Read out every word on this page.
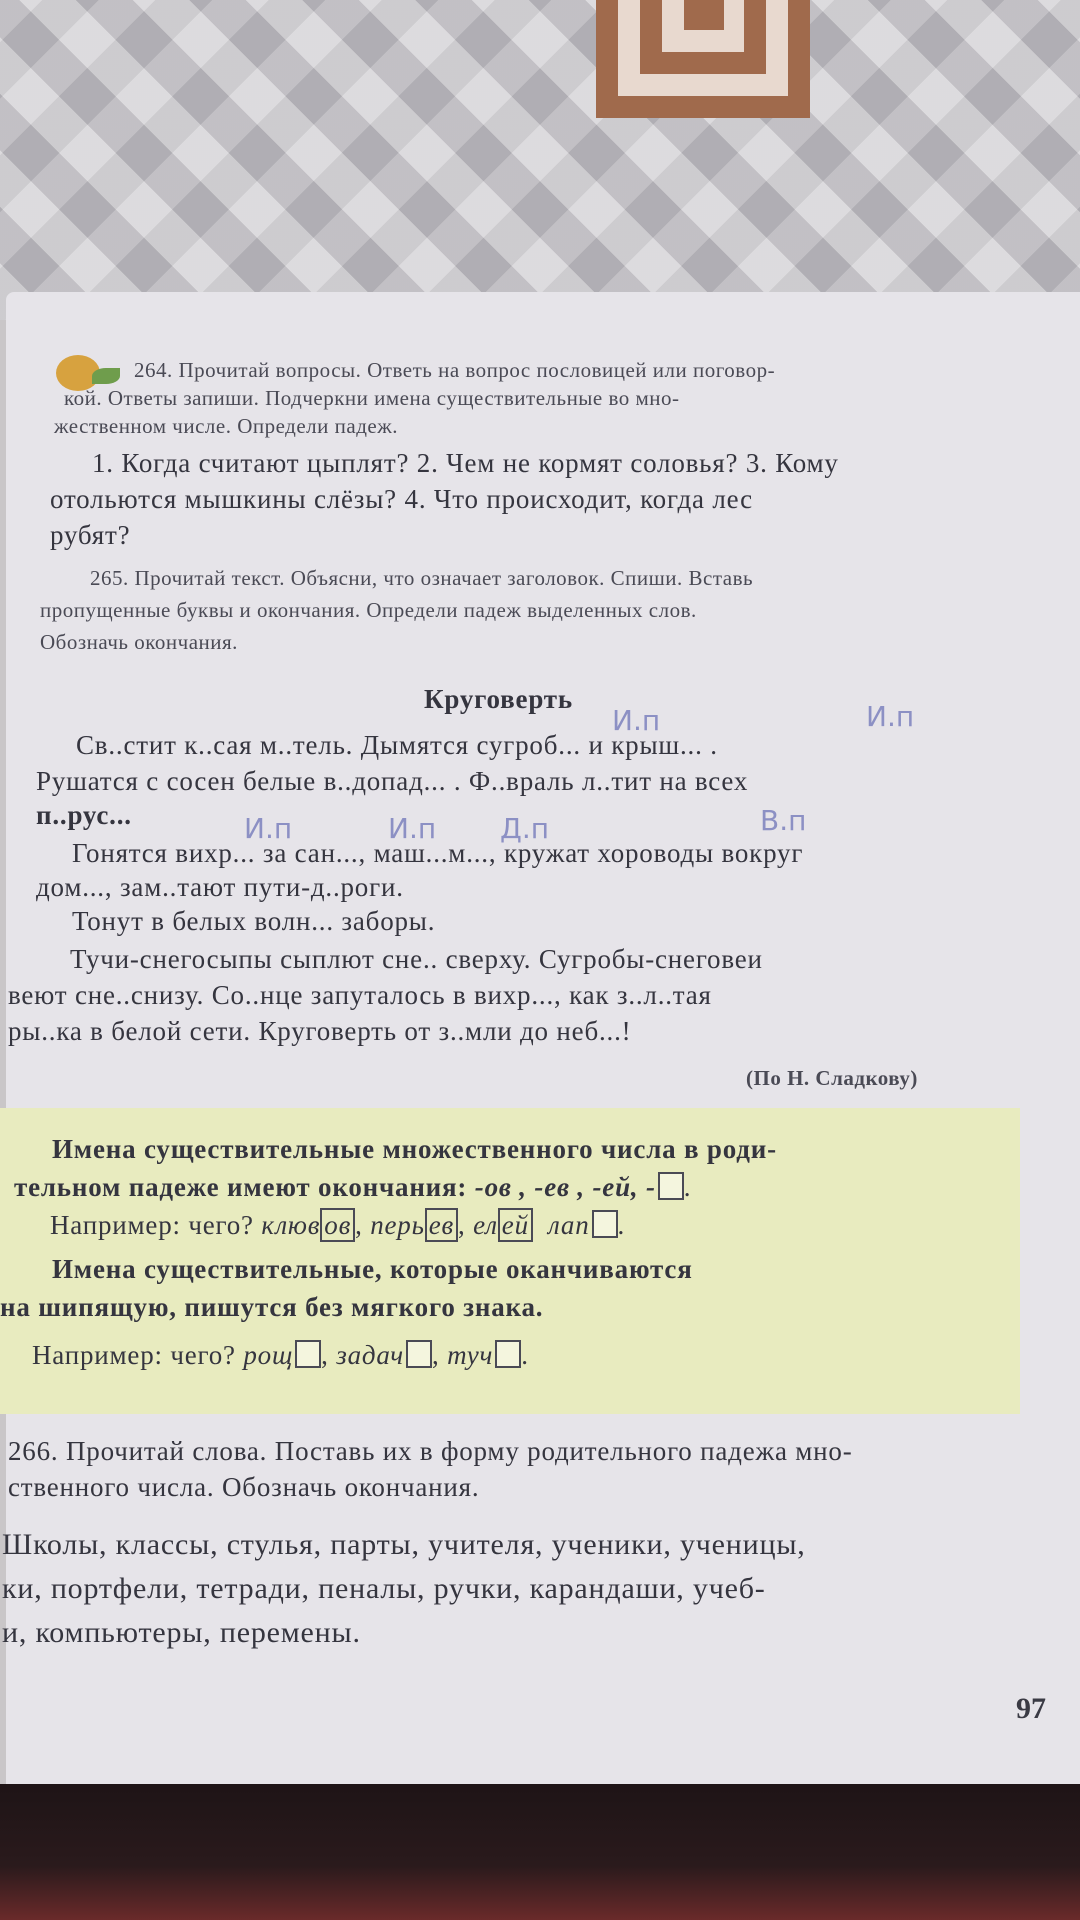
264. Прочитай вопросы. Ответь на вопрос пословицей или поговор-
кой. Ответы запиши. Подчеркни имена существительные во мно-
жественном числе. Определи падеж.
1. Когда считают цыплят? 2. Чем не кормят соловья? 3. Кому
отольются мышкины слёзы? 4. Что происходит, когда лес
рубят?
265. Прочитай текст. Объясни, что означает заголовок. Спиши. Вставь
пропущенные буквы и окончания. Определи падеж выделенных слов.
Обозначь окончания.
Круговерть
Св..стит к..сая м..тель. Дымятся сугроб... и крыш... .
Рушатся с сосен белые в..допад... . Ф..враль л..тит на всех
п..рус...
Гонятся вихр... за сан..., маш...м..., кружат хороводы вокруг
дом..., зам..тают пути-д..роги.
Тонут в белых волн... заборы.
Тучи-снегосыпы сыплют сне.. сверху. Сугробы-снеговеи
веют сне..снизу. Со..нце запуталось в вихр..., как з..л..тая
ры..ка в белой сети. Круговерть от з..мли до неб...!
(По Н. Сладкову)
И.п	И.п
И.п	И.п Д.п	В.п
Имена существительные множественного числа в роди-
тельном падеже имеют окончания: -ов , -ев , -ей, - .
Например: чего? клюв ов , перь ев , ел ей лап .
Имена существительные, которые оканчиваются
на шипящую, пишутся без мягкого знака.
Например: чего? рощ , задач , туч .
266. Прочитай слова. Поставь их в форму родительного падежа мно-
ственного числа. Обозначь окончания.
Школы, классы, стулья, парты, учителя, ученики, ученицы,
ки, портфели, тетради, пеналы, ручки, карандаши, учеб-
и, компьютеры, перемены.
97
